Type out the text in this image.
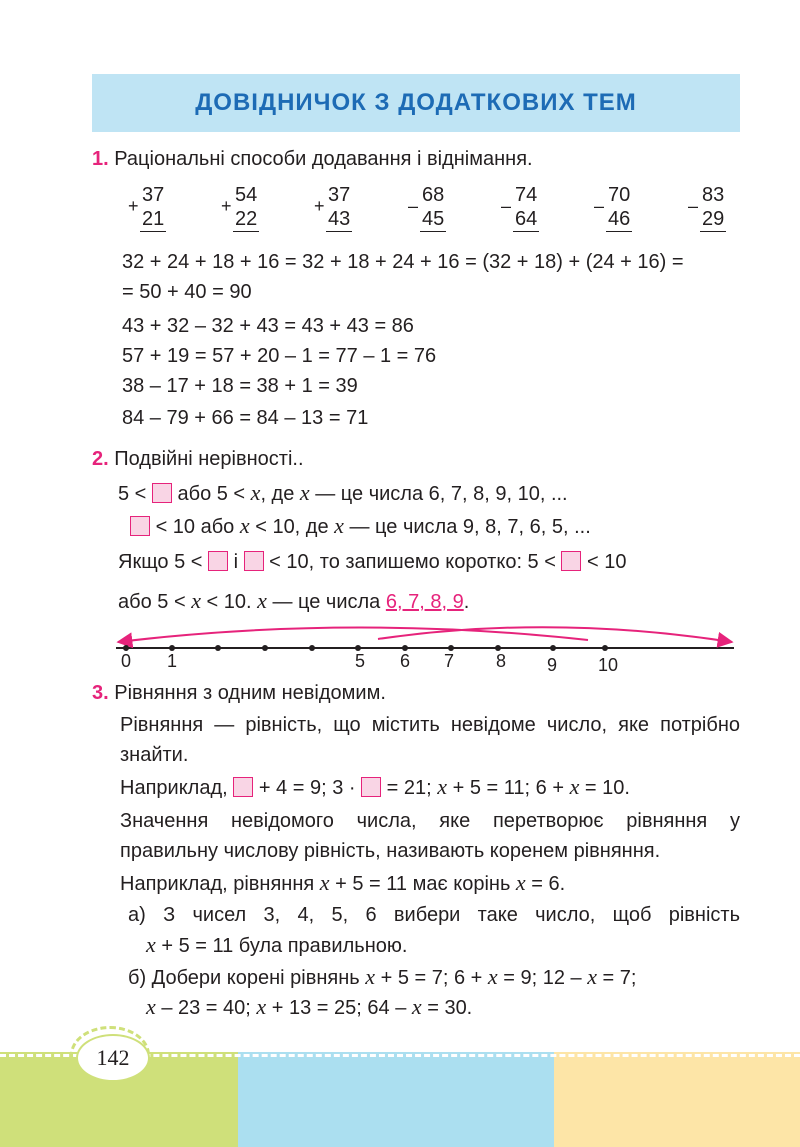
ДОВІДНИЧОК З ДОДАТКОВИХ ТЕМ
1. Раціональні способи додавання і віднімання.
+ 37
21
+ 54
22
+ 37
43
– 68
45
– 74
64
– 70
46
– 83
29
32 + 24 + 18 + 16 = 32 + 18 + 24 + 16 = (32 + 18) + (24 + 16) =
= 50 + 40 = 90
43 + 32 – 32 + 43 = 43 + 43 = 86
57 + 19 = 57 + 20 – 1 = 77 – 1 = 76
38 – 17 + 18 = 38 + 1 = 39
84 – 79 + 66 = 84 – 13 = 71
2. Подвійні нерівності..
5 < або 5 < x, де x — це числа 6, 7, 8, 9, 10, ...
< 10 або x < 10, де x — це числа 9, 8, 7, 6, 5, ...
Якщо 5 < і < 10, то запишемо коротко: 5 < < 10
або 5 < x < 10. x — це числа 6, 7, 8, 9.
0 1	5 6 7 8 9 10
3. Рівняння з одним невідомим.
Рівняння — рівність, що містить невідоме число, яке потрібно знайти.
Наприклад, + 4 = 9; 3 · = 21; x + 5 = 11; 6 + x = 10.
Значення невідомого числа, яке перетворює рівняння у правильну числову рівність, називають коренем рівняння.
Наприклад, рівняння x + 5 = 11 має корінь x = 6.
а) З чисел 3, 4, 5, 6 вибери таке число, щоб рівність
x + 5 = 11 була правильною.
б) Добери корені рівнянь x + 5 = 7; 6 + x = 9; 12 – x = 7;
x – 23 = 40; x + 13 = 25; 64 – x = 30.
142
